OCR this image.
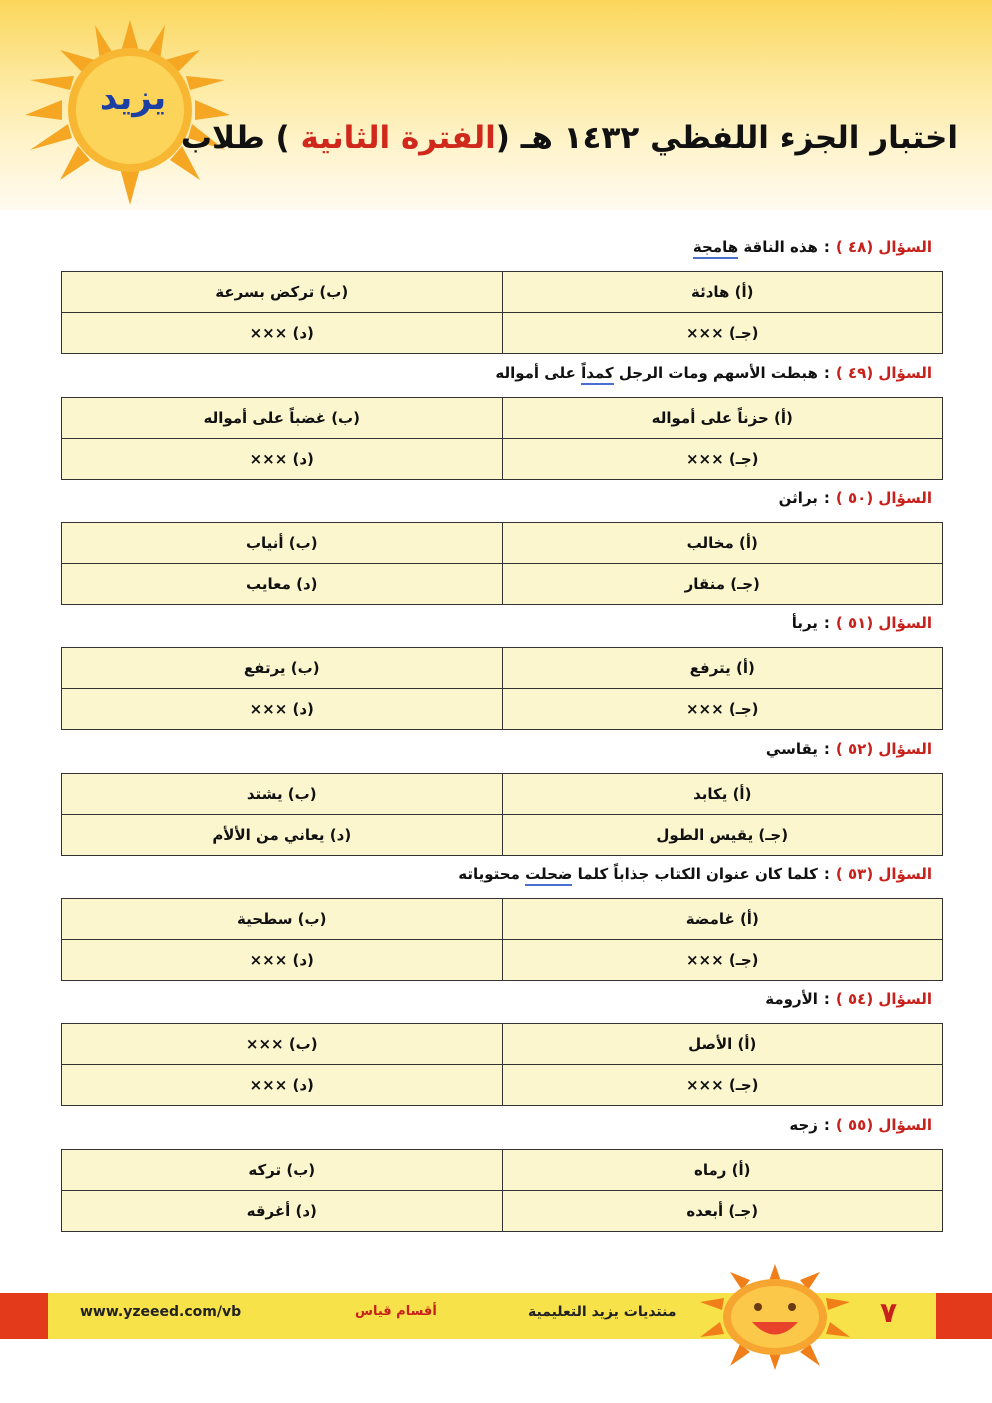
يزيد
اختبار الجزء اللفظي ١٤٣٢ هـ (الفترة الثانية ) طلاب
السؤال (٤٨ ):هذه الناقة هامجة
(أ) هادئة	(ب) تركض بسرعة
(جـ) ×××	(د) ×××
السؤال (٤٩ ):هبطت الأسهم ومات الرجل كمداً على أمواله
(أ) حزناً على أمواله	(ب) غضباً على أمواله
(جـ) ×××	(د) ×××
السؤال (٥٠ ):براثن
(أ) مخالب	(ب) أنياب
(جـ) منقار	(د) معايب
السؤال (٥١ ):يربأ
(أ) يترفع	(ب) يرتفع
(جـ) ×××	(د) ×××
السؤال (٥٢ ):يقاسي
(أ) يكابد	(ب) يشتد
(جـ) يقيس الطول	(د) يعاني من الألأم
السؤال (٥٣ ):كلما كان عنوان الكتاب جذاباً كلما ضحلت محتوياته
(أ) غامضة	(ب) سطحية
(جـ) ×××	(د) ×××
السؤال (٥٤ ):الأرومة
(أ) الأصل	(ب) ×××
(جـ) ×××	(د) ×××
السؤال (٥٥ ):زجه
(أ) رماه	(ب) تركه
(جـ) أبعده	(د) أغرقه
www.yzeeed.com/vb	أقسام قياس	منتديات يزيد التعليمية	٧
